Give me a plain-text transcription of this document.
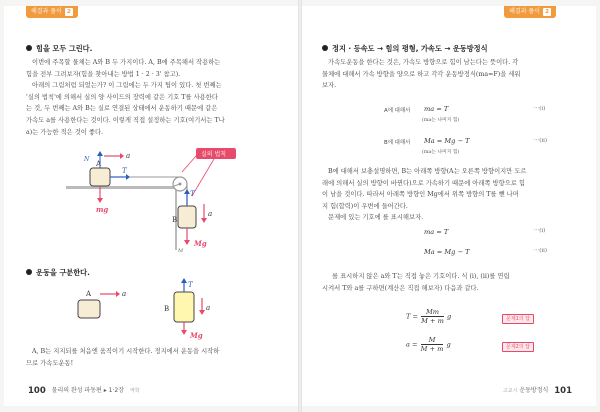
해결과 풀이 2
힘을 모두 그린다.

이번에 주목할 물체는 A와 B 두 가지이다. A, B에 주목해서 작용하는

힘을 전부 그려보자(힘을 찾아내는 방법 1 · 2 · 3' 참고).

아래의 그림처럼 되었는가? 이 그림에는 두 가지 팁이 있다. 첫 번째는

'실의 법칙'에 의해서 실의 양 사이드의 장력에 같은 기호 T를 사용한다

는 것, 두 번째는 A와 B는 실로 연결된 상태에서 운동하기 때문에 같은

가속도 a를 사용한다는 것이다. 이렇게 직접 설정하는 기호(여기서는 T나

a)는 가능한 적은 것이 좋다.

A
B
실의 법칙
a
T
N
mg
T
a
Mg
M
운동을 구분한다.
A	a
B
T
a
Mg

A, B는 지지되를 처음엔 움직이기 시작한다. 정지에서 운동을 시작하

므로 가속도운동!

100 물리의 완성 파동편 ▸ 1·2장 역학
해결과 풀이 2
정지 · 등속도 → 힘의 평형, 가속도 → 운동방정식

가속도운동을 한다는 것은, 가속도 방향으로 힘이 남는다는 뜻이다. 각

물체에 대해서 가속 방향을 양으로 하고 각각 운동방정식(ma=F)을 세워

보자.

A에 대해서 ma = T
(ma는 나머지 힘)
···(ⅰ)
B에 대해서 Ma = Mg − T
(ma는 나머지 힘)
···(ⅱ)

B에 대해서 보충설명하면, B는 아래쪽 방향(A는 오른쪽 방향이지만 도르

래에 의해서 실의 방향이 바뀐다)으로 가속하기 때문에 아래쪽 방향으로 힘

이 남을 것이다. 따라서 아래쪽 방향인 Mg에서 위쪽 방향의 T를 뺀 나머

지 힘(합력)이 우변에 들어간다.

문제에 있는 기호에 를 표시해보자.

ma = T	···(ⅰ)
Ma = Mg − T	···(ⅱ)

를 표시하지 않은 a와 T는 직접 놓은 기호이다. 식 (ⅰ), (ⅱ)를 연립

시켜서 T와 a를 구하면(계산은 직접 해보자) 다음과 같다.

$T = \frac{Mm}{M + m}$ g	문제1의 답
$a = \frac{M}{M + m}$ g	문제2의 답
고교시 운동방정식 101
